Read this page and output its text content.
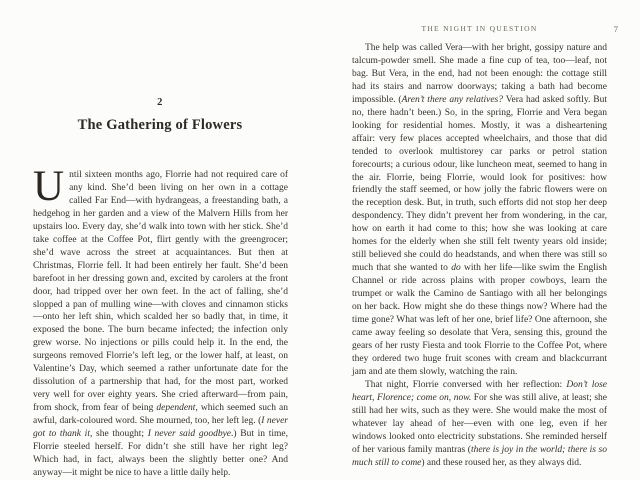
2
The Gathering of Flowers

Until sixteen months ago, Florrie had not required care of any kind. She’d been living on her own in a cottage called Far End—with hydrangeas, a freestanding bath, a hedgehog in her garden and a view of the Malvern Hills from her upstairs loo. Every day, she’d walk into town with her stick. She’d take coffee at the Coffee Pot, flirt gently with the greengrocer; she’d wave across the street at acquaintances. But then at Christmas, Florrie fell. It had been entirely her fault. She’d been barefoot in her dressing gown and, excited by carolers at the front door, had tripped over her own feet. In the act of falling, she’d slopped a pan of mulling wine—with cloves and cinnamon sticks—onto her left shin, which scalded her so badly that, in time, it exposed the bone. The burn became infected; the infection only grew worse. No injections or pills could help it. In the end, the surgeons removed Florrie’s left leg, or the lower half, at least, on Valentine’s Day, which seemed a rather unfortunate date for the dissolution of a partnership that had, for the most part, worked very well for over eighty years. She cried afterward—from pain, from shock, from fear of being dependent, which seemed such an awful, dark-coloured word. She mourned, too, her left leg. (I never got to thank it, she thought; I never said goodbye.) But in time, Florrie steeled herself. For didn’t she still have her right leg? Which had, in fact, always been the slightly better one? And anyway—it might be nice to have a little daily help.

THE NIGHT IN QUESTION	7

The help was called Vera—with her bright, gossipy nature and talcum-powder smell. She made a fine cup of tea, too—leaf, not bag. But Vera, in the end, had not been enough: the cottage still had its stairs and narrow doorways; taking a bath had become impossible. (Aren’t there any relatives? Vera had asked softly. But no, there hadn’t been.) So, in the spring, Florrie and Vera began looking for residential homes. Mostly, it was a disheartening affair: very few places accepted wheelchairs, and those that did tended to overlook multistorey car parks or petrol station forecourts; a curious odour, like luncheon meat, seemed to hang in the air. Florrie, being Florrie, would look for positives: how friendly the staff seemed, or how jolly the fabric flowers were on the reception desk. But, in truth, such efforts did not stop her deep despondency. They didn’t prevent her from wondering, in the car, how on earth it had come to this; how she was looking at care homes for the elderly when she still felt twenty years old inside; still believed she could do headstands, and when there was still so much that she wanted to do with her life—like swim the English Channel or ride across plains with proper cowboys, learn the trumpet or walk the Camino de Santiago with all her belongings on her back. How might she do these things now? Where had the time gone? What was left of her one, brief life? One afternoon, she came away feeling so desolate that Vera, sensing this, ground the gears of her rusty Fiesta and took Florrie to the Coffee Pot, where they ordered two huge fruit scones with cream and blackcurrant jam and ate them slowly, watching the rain.

That night, Florrie conversed with her reflection: Don’t lose heart, Florence; come on, now. For she was still alive, at least; she still had her wits, such as they were. She would make the most of whatever lay ahead of her—even with one leg, even if her windows looked onto electricity substations. She reminded herself of her various family mantras (there is joy in the world; there is so much still to come) and these roused her, as they always did.
